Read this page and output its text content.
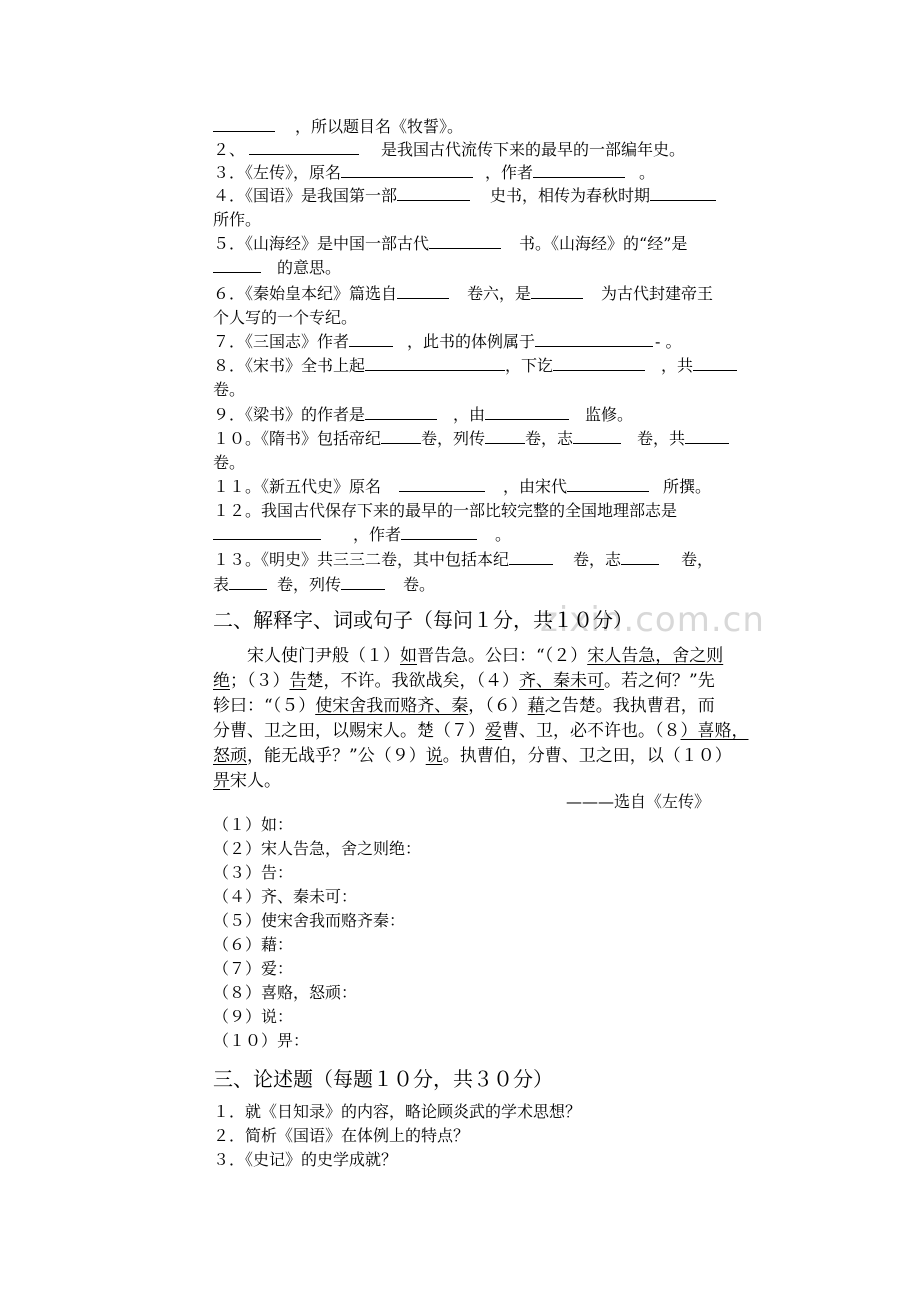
，所以题目名《牧誓》。
２、	是我国古代流传下来的最早的一部编年史。
３．《左传》，原名	，作者	。
４．《国语》是我国第一部	史书，相传为春秋时期
所作。
５．《山海经》是中国一部古代	书。《山海经》的“经”是
的意思。
６．《秦始皇本纪》篇选自	卷六，是	为古代封建帝王
个人写的一个专纪。
７．《三国志》作者	，此书的体例属于	- 。
８．《宋书》全书上起	，下讫	，共
卷。
９．《梁书》的作者是	，由	监修。
１０。《隋书》包括帝纪	卷，列传	卷，志	卷，共
卷。
１１。《新五代史》原名	，由宋代	所撰。
１２。我国古代保存下来的最早的一部比较完整的全国地理部志是
，作者	。
１３。《明史》共三三二卷，其中包括本纪	卷，志	卷，
表	卷，列传	卷。
zixin.com.cn
二、解释字、词或句子（每问１分，共１０分）
宋人使门尹般（１）如晋告急。公曰：“（２）宋人告急，舍之则
绝；（３）告楚，不许。我欲战矣，（４）齐、秦未可。若之何？”先
轸曰：“（５）使宋舍我而赂齐、秦，（６）藉之告楚。我执曹君，而
分曹、卫之田，以赐宋人。楚（７）爱曹、卫，必不许也。（８）喜赂，
怒顽，能无战乎？”公（９）说。执曹伯，分曹、卫之田，以（１０）
畀宋人。
———选自《左传》
（１）如：
（２）宋人告急，舍之则绝：
（３）告：
（４）齐、秦未可：
（５）使宋舍我而赂齐秦：
（６）藉：
（７）爱：
（８）喜赂，怒顽：
（９）说：
（１０）畀：
三、论述题（每题１０分，共３０分）
１．就《日知录》的内容，略论顾炎武的学术思想？
２．简析《国语》在体例上的特点？
３．《史记》的史学成就？
